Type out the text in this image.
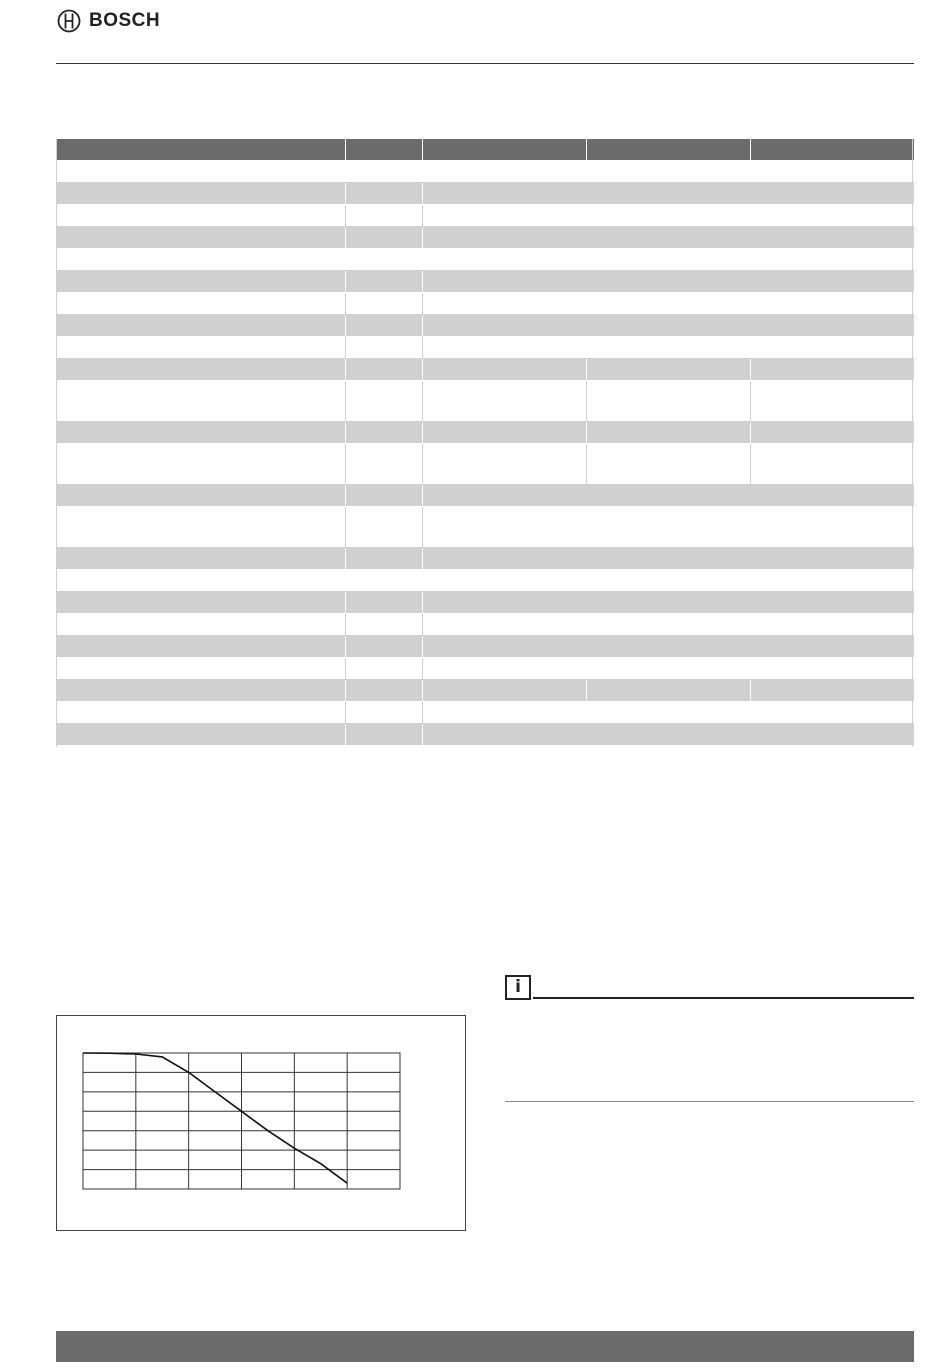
BOSCH

i
